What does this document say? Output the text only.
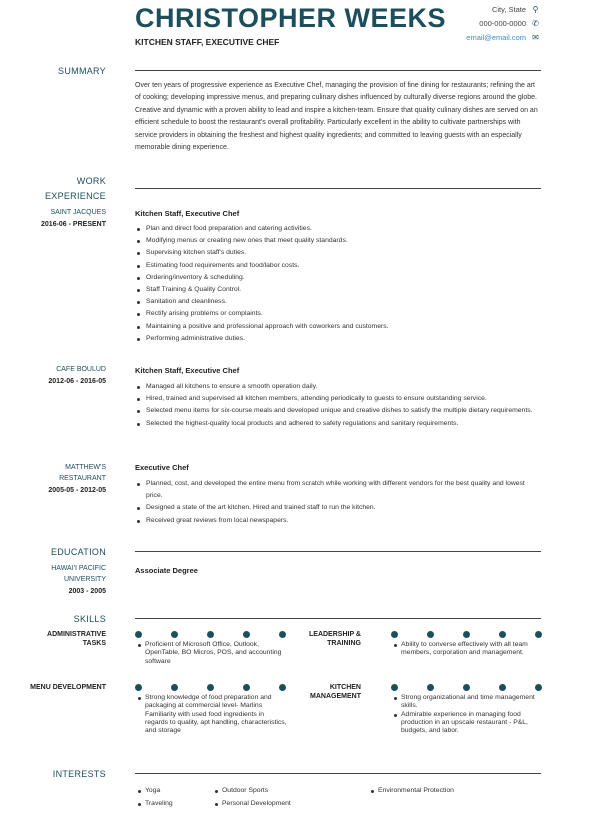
CHRISTOPHER WEEKS
KITCHEN STAFF, EXECUTIVE CHEF
City, State ⚲
000-000-0000 ✆
email@email.com ✉
SUMMARY
Over ten years of progressive experience as Executive Chef, managing the provision of fine dining for restaurants; refining the art of cooking; developing impressive menus, and preparing culinary dishes influenced by culturally diverse regions around the globe. Creative and dynamic with a proven ability to lead and inspire a kitchen-team. Ensure that quality culinary dishes are served on an efficient schedule to boost the restaurant's overall profitability. Particularly excellent in the ability to cultivate partnerships with service providers in obtaining the freshest and highest quality ingredients; and committed to leaving guests with an especially memorable dining experience.
WORK
EXPERIENCE
SAINT JACQUES
2016-06 - PRESENT
Kitchen Staff, Executive Chef
Plan and direct food preparation and catering activities.
Modifying menus or creating new ones that meet quality standards.
Supervising kitchen staff's duties.
Estimating food requirements and food/labor costs.
Ordering/inventory & scheduling.
Staff Training & Quality Control.
Sanitation and cleanliness.
Rectify arising problems or complaints.
Maintaining a positive and professional approach with coworkers and customers.
Performing administrative duties.
CAFE BOULUD
2012-06 - 2016-05
Kitchen Staff, Executive Chef
Managed all kitchens to ensure a smooth operation daily.
Hired, trained and supervised all kitchen members, attending periodically to guests to ensure outstanding service.
Selected menu items for six-course meals and developed unique and creative dishes to satisfy the multiple dietary requirements.
Selected the highest-quality local products and adhered to safety regulations and sanitary requirements.
MATTHEW'S
RESTAURANT
2005-05 - 2012-05
Executive Chef
Planned, cost, and developed the entire menu from scratch while working with different vendors for the best quality and lowest price.
Designed a state of the art kitchen. Hired and trained staff to run the kitchen.
Received great reviews from local newspapers.
EDUCATION
HAWAI'I PACIFIC
UNIVERSITY
2003 - 2005
Associate Degree
SKILLS
ADMINISTRATIVE
TASKS	Proficient of Microsoft Office, Outlook, OpenTable, BO Micros, POS, and accounting software
LEADERSHIP &
TRAINING	Ability to converse effectively with all team members, corporation and management.
MENU DEVELOPMENT
Strong knowledge of food preparation and packaging at commercial level- Marlins Familiarity with used food ingredients in regards to quality, apt handling, characteristics, and storage
KITCHEN
MANAGEMENT	Strong organizational and time management skills.
Admirable experience in managing food production in an upscale restaurant - P&L, budgets, and labor.
INTERESTS
Yoga
Traveling
Outdoor Sports
Personal Development
Environmental Protection
